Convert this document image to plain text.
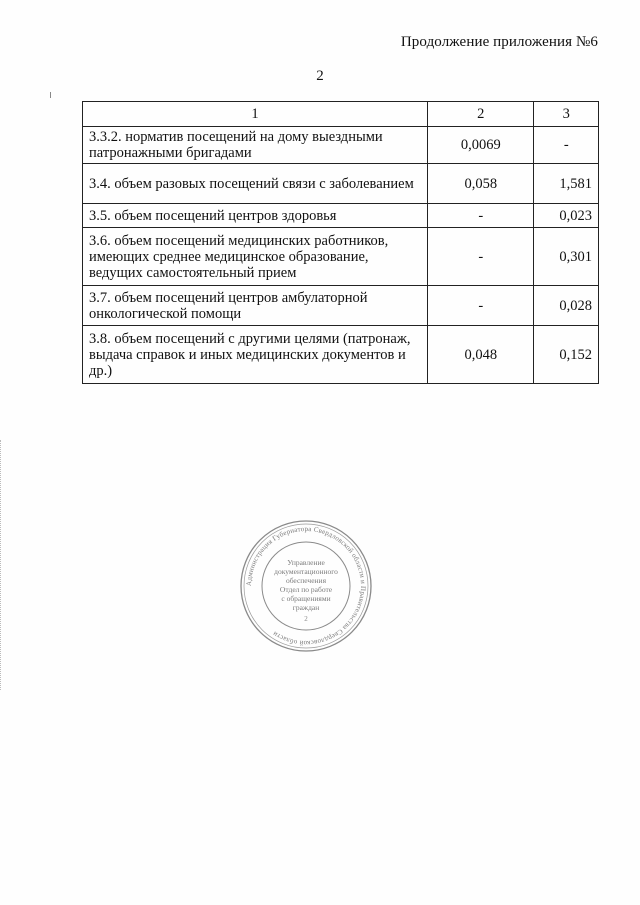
Продолжение приложения №6
2
1	2	3
3.3.2. норматив посещений на дому выездными патронажными бригадами	0,0069	-
3.4. объем разовых посещений связи с заболеванием	0,058	1,581
3.5. объем посещений центров здоровья	-	0,023
3.6. объем посещений медицинских работников, имеющих среднее медицинское образование, ведущих самостоятельный прием	-	0,301
3.7. объем посещений центров амбулаторной онкологической помощи	-	0,028
3.8. объем посещений с другими целями (патронаж, выдача справок и иных медицинских документов и др.)	0,048	0,152
Администрация Губернатора Свердловской области и Правительства Свердловской области
Управление
документационного
обеспечения
Отдел по работе
с обращениями
граждан
2
